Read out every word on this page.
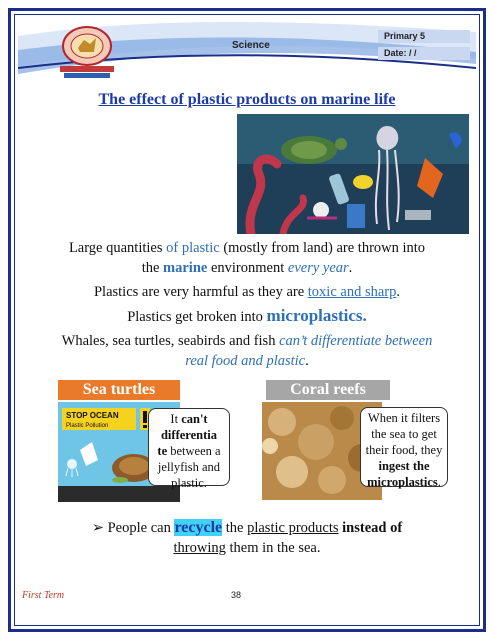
Science
Primary 5
Date: / /
The effect of plastic products on marine life
Large quantities of plastic (mostly from land) are thrown into
the marine environment every year.
Plastics are very harmful as they are toxic and sharp.
Plastics get broken into microplastics.
Whales, sea turtles, seabirds and fish can’t differentiate between
real food and plastic.
Sea turtles	Coral reefs
STOP OCEAN
Plastic Pollution	It can't
differentia
te between a jellyfish and plastic.
When it filters the sea to get their food, they ingest the microplastics.
➢ People can recycle the plastic products instead of
throwing them in the sea.
First Term	38
